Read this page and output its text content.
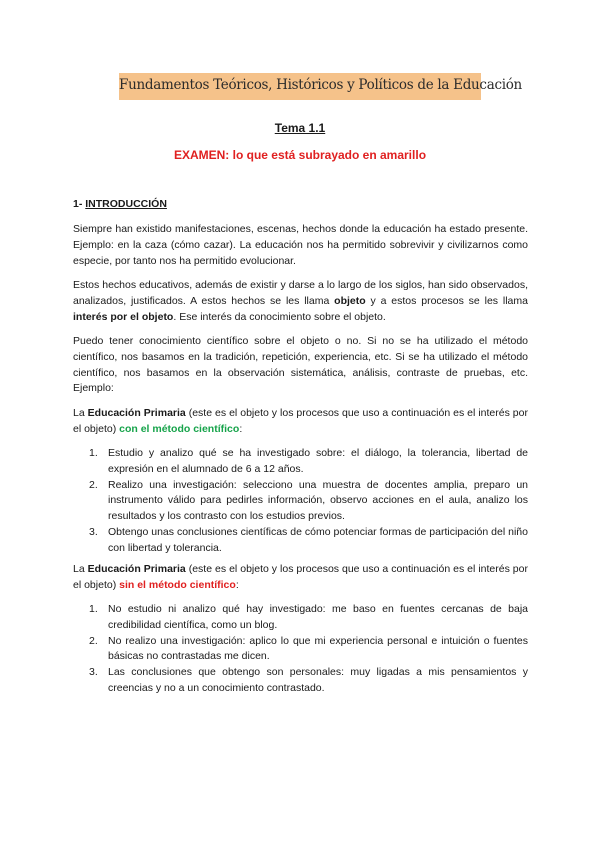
Fundamentos Teóricos, Históricos y Políticos de la Educación
Tema 1.1
EXAMEN: lo que está subrayado en amarillo
1- INTRODUCCIÓN

Siempre han existido manifestaciones, escenas, hechos donde la educación ha estado presente. Ejemplo: en la caza (cómo cazar). La educación nos ha permitido sobrevivir y civilizarnos como especie, por tanto nos ha permitido evolucionar.

Estos hechos educativos, además de existir y darse a lo largo de los siglos, han sido observados, analizados, justificados. A estos hechos se les llama objeto y a estos procesos se les llama interés por el objeto. Ese interés da conocimiento sobre el objeto.

Puedo tener conocimiento científico sobre el objeto o no. Si no se ha utilizado el método científico, nos basamos en la tradición, repetición, experiencia, etc. Si se ha utilizado el método científico, nos basamos en la observación sistemática, análisis, contraste de pruebas, etc. Ejemplo:

La Educación Primaria (este es el objeto y los procesos que uso a continuación es el interés por el objeto) con el método científico:

1. Estudio y analizo qué se ha investigado sobre: el diálogo, la tolerancia, libertad de expresión en el alumnado de 6 a 12 años.
2. Realizo una investigación: selecciono una muestra de docentes amplia, preparo un instrumento válido para pedirles información, observo acciones en el aula, analizo los resultados y los contrasto con los estudios previos.
3. Obtengo unas conclusiones científicas de cómo potenciar formas de participación del niño con libertad y tolerancia.

La Educación Primaria (este es el objeto y los procesos que uso a continuación es el interés por el objeto) sin el método científico:

1. No estudio ni analizo qué hay investigado: me baso en fuentes cercanas de baja credibilidad científica, como un blog.
2. No realizo una investigación: aplico lo que mi experiencia personal e intuición o fuentes básicas no contrastadas me dicen.
3. Las conclusiones que obtengo son personales: muy ligadas a mis pensamientos y creencias y no a un conocimiento contrastado.
